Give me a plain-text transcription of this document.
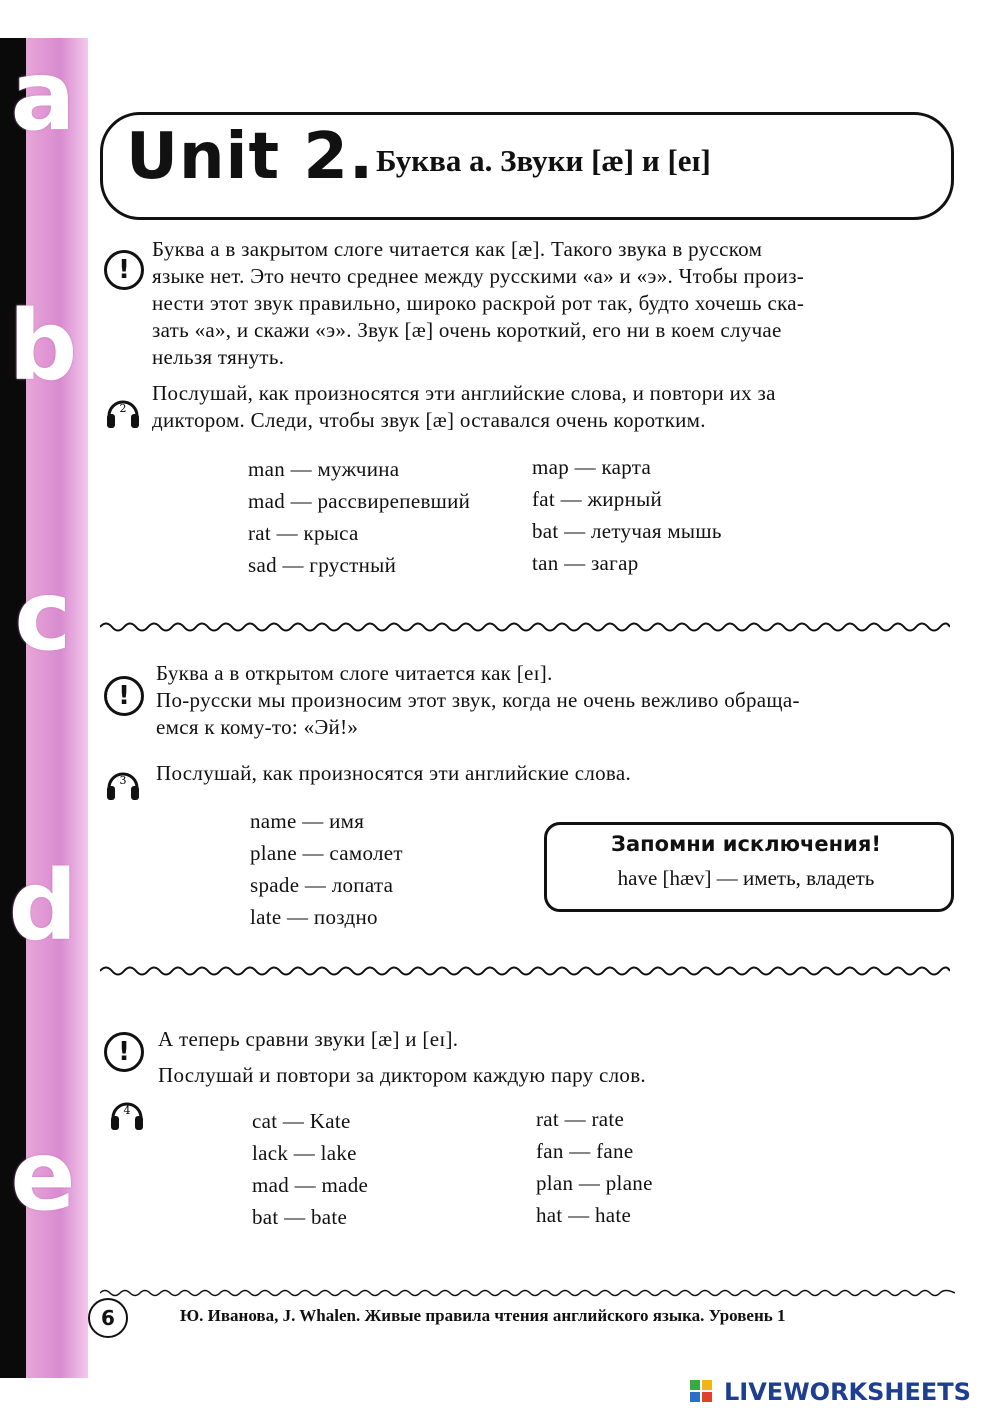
a
b
c
d
e
Unit 2. Буква a. Звуки [æ] и [eɪ]
!
Буква a в закрытом слоге читается как [æ]. Такого звука в русском
языке нет. Это нечто среднее между русскими «а» и «э». Чтобы произ-
нести этот звук правильно, широко раскрой рот так, будто хочешь ска-
зать «а», и скажи «э». Звук [æ] очень короткий, его ни в коем случае
нельзя тянуть.
2
Послушай, как произносятся эти английские слова, и повтори их за
диктором. Следи, чтобы звук [æ] оставался очень коротким.
man — мужчина
mad — рассвирепевший
rat — крыса
sad — грустный
map — карта
fat — жирный
bat — летучая мышь
tan — загар
!
Буква a в открытом слоге читается как [eɪ].
По-русски мы произносим этот звук, когда не очень вежливо обраща-
емся к кому-то: «Эй!»
3 Послушай, как произносятся эти английские слова.
name — имя
plane — самолет
spade — лопата
late — поздно
Запомни исключения!
have [hæv] — иметь, владеть
!	А теперь сравни звуки [æ] и [eɪ].
Послушай и повтори за диктором каждую пару слов.
4	cat — Kate
lack — lake
mad — made
bat — bate
rat — rate
fan — fane
plan — plane
hat — hate
6	Ю. Иванова, J. Whalen. Живые правила чтения английского языка. Уровень 1
LIVEWORKSHEETS
